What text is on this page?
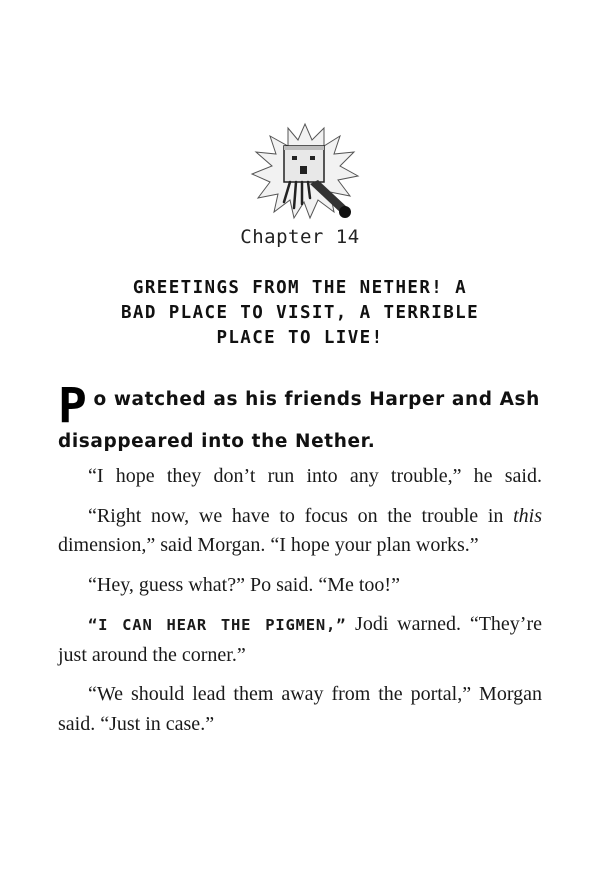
Chapter 14
GREETINGS FROM THE NETHER! A BAD PLACE TO VISIT, A TERRIBLE PLACE TO LIVE!
Po watched as his friends Harper and Ash disappeared into the Nether.

“I hope they don’t run into any trouble,” he said.

“Right now, we have to focus on the trouble in this dimension,” said Morgan. “I hope your plan works.”

“Hey, guess what?” Po said. “Me too!”

“I CAN HEAR THE PIGMEN,” Jodi warned. “They’re just around the corner.”

“We should lead them away from the portal,” Morgan said. “Just in case.”
